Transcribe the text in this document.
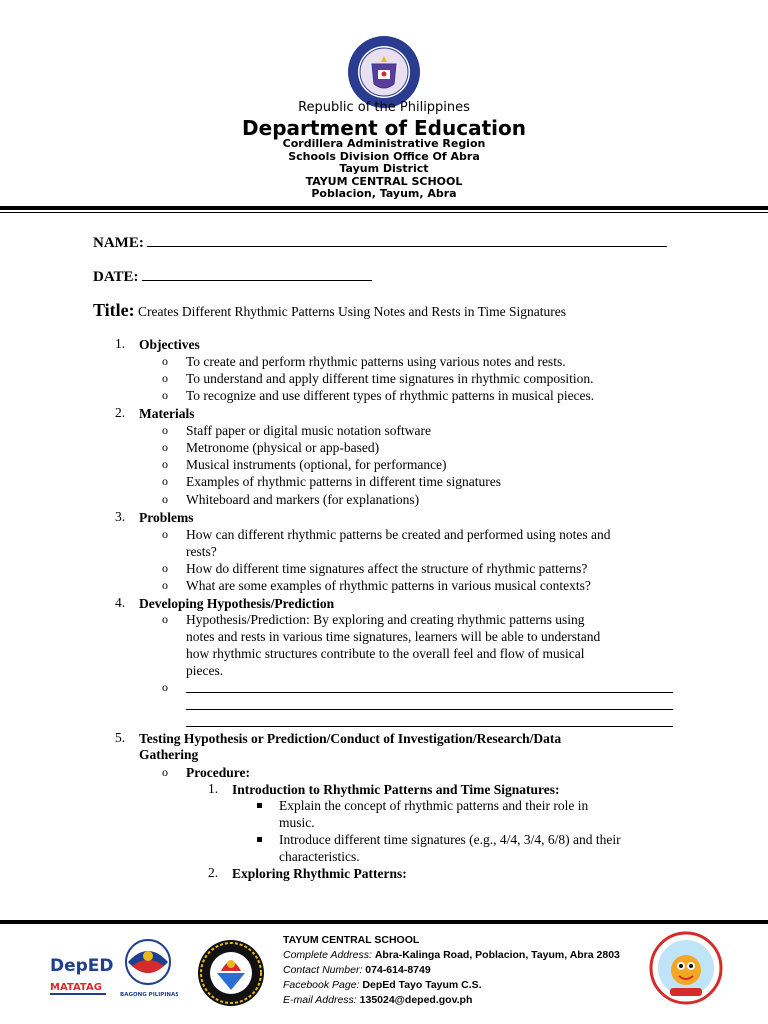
Republic of the Philippines
Department of Education
Cordillera Administrative Region
Schools Division Office Of Abra
Tayum District
TAYUM CENTRAL SCHOOL
Poblacion, Tayum, Abra
NAME:
DATE:
Title: Creates Different Rhythmic Patterns Using Notes and Rests in Time Signatures
1. Objectives
o To create and perform rhythmic patterns using various notes and rests.
o To understand and apply different time signatures in rhythmic composition.
o To recognize and use different types of rhythmic patterns in musical pieces.
2. Materials
o Staff paper or digital music notation software
o Metronome (physical or app-based)
o Musical instruments (optional, for performance)
o Examples of rhythmic patterns in different time signatures
o Whiteboard and markers (for explanations)
3. Problems
o How can different rhythmic patterns be created and performed using notes and
rests?
o How do different time signatures affect the structure of rhythmic patterns?
o What are some examples of rhythmic patterns in various musical contexts?
4. Developing Hypothesis/Prediction
o Hypothesis/Prediction: By exploring and creating rhythmic patterns using
notes and rests in various time signatures, learners will be able to understand
how rhythmic structures contribute to the overall feel and flow of musical
pieces.
o
5. Testing Hypothesis or Prediction/Conduct of Investigation/Research/Data
Gathering
o Procedure:
1. Introduction to Rhythmic Patterns and Time Signatures:
Explain the concept of rhythmic patterns and their role in
music.
Introduce different time signatures (e.g., 4/4, 3/4, 6/8) and their
characteristics.
2. Exploring Rhythmic Patterns:
DepED
MATATAG
BAGONG PILIPINAS
TAYUM CENTRAL SCHOOL
Complete Address: Abra-Kalinga Road, Poblacion, Tayum, Abra 2803
Contact Number: 074-614-8749
Facebook Page: DepEd Tayo Tayum C.S.
E-mail Address: 135024@deped.gov.ph
